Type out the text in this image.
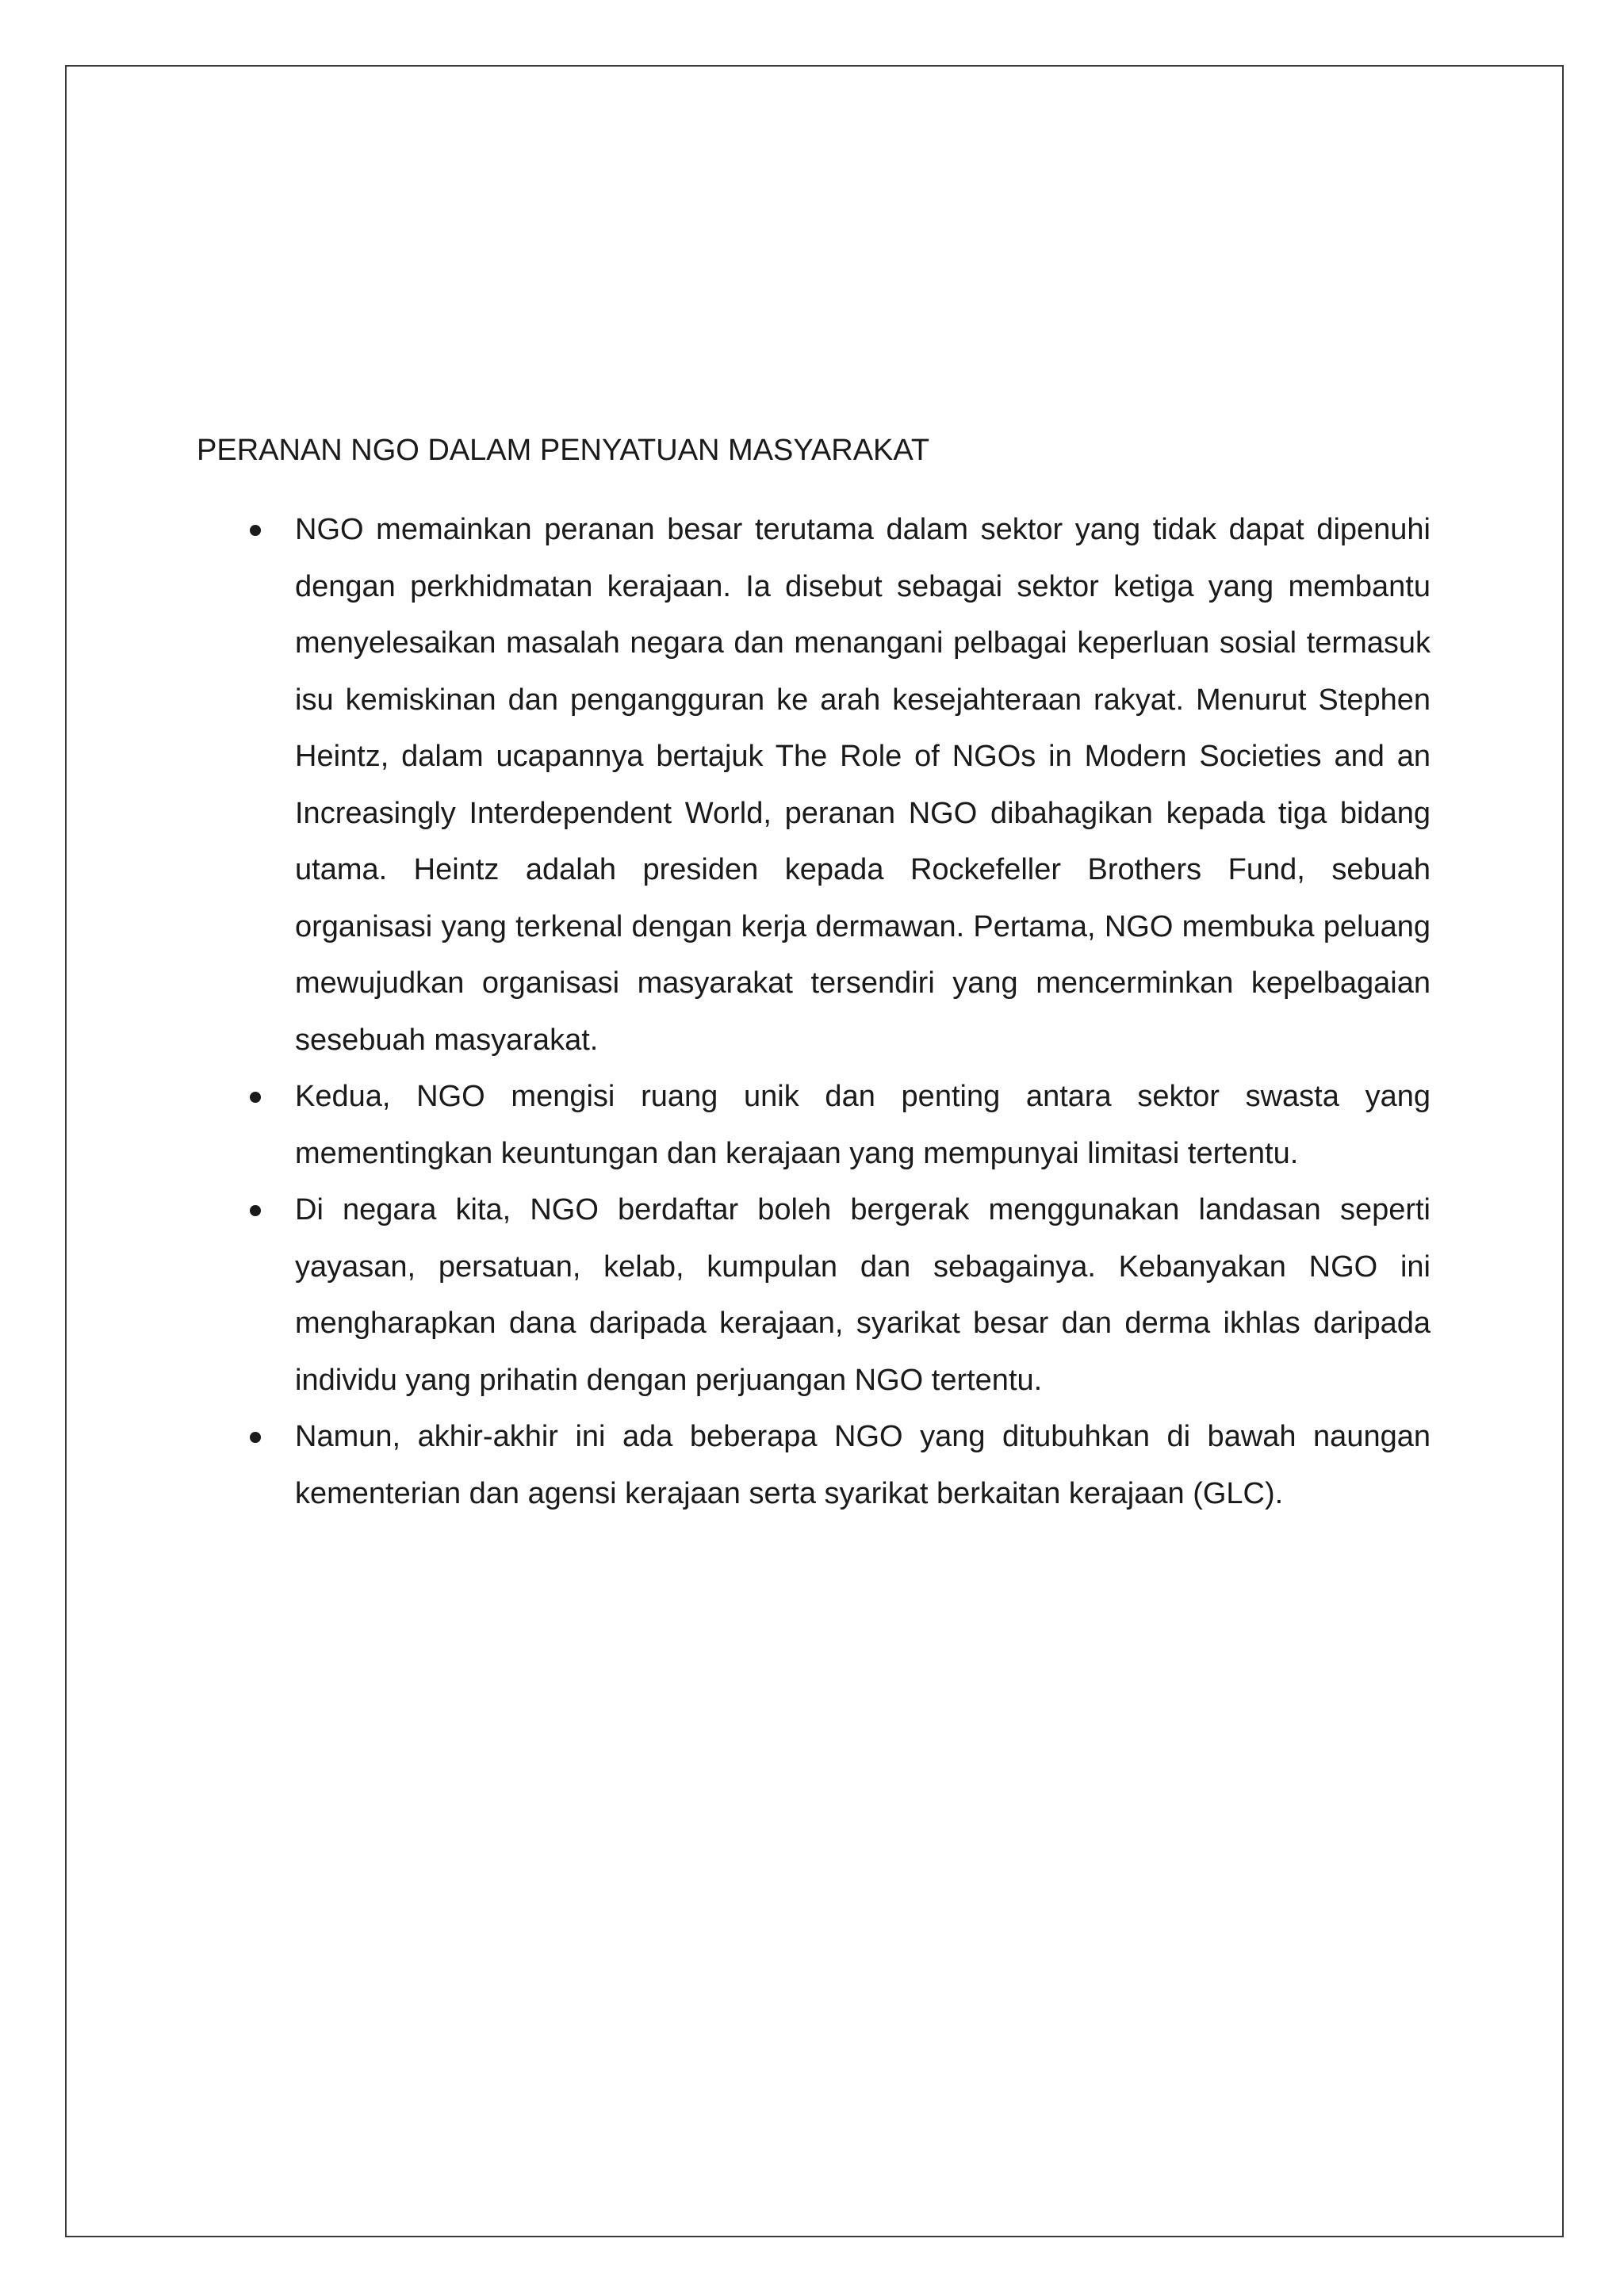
PERANAN NGO DALAM PENYATUAN MASYARAKAT
NGO memainkan peranan besar terutama dalam sektor yang tidak dapat dipenuhi dengan perkhidmatan kerajaan. Ia disebut sebagai sektor ketiga yang membantu menyelesaikan masalah negara dan menangani pelbagai keperluan sosial termasuk isu kemiskinan dan pengangguran ke arah kesejahteraan rakyat. Menurut Stephen Heintz, dalam ucapannya bertajuk The Role of NGOs in Modern Societies and an Increasingly Interdependent World, peranan NGO dibahagikan kepada tiga bidang utama. Heintz adalah presiden kepada Rockefeller Brothers Fund, sebuah organisasi yang terkenal dengan kerja dermawan. Pertama, NGO membuka peluang mewujudkan organisasi masyarakat tersendiri yang mencerminkan kepelbagaian sesebuah masyarakat.
Kedua, NGO mengisi ruang unik dan penting antara sektor swasta yang mementingkan keuntungan dan kerajaan yang mempunyai limitasi tertentu.
Di negara kita, NGO berdaftar boleh bergerak menggunakan landasan seperti yayasan, persatuan, kelab, kumpulan dan sebagainya. Kebanyakan NGO ini mengharapkan dana daripada kerajaan, syarikat besar dan derma ikhlas daripada individu yang prihatin dengan perjuangan NGO tertentu.
Namun, akhir-akhir ini ada beberapa NGO yang ditubuhkan di bawah naungan kementerian dan agensi kerajaan serta syarikat berkaitan kerajaan (GLC).
